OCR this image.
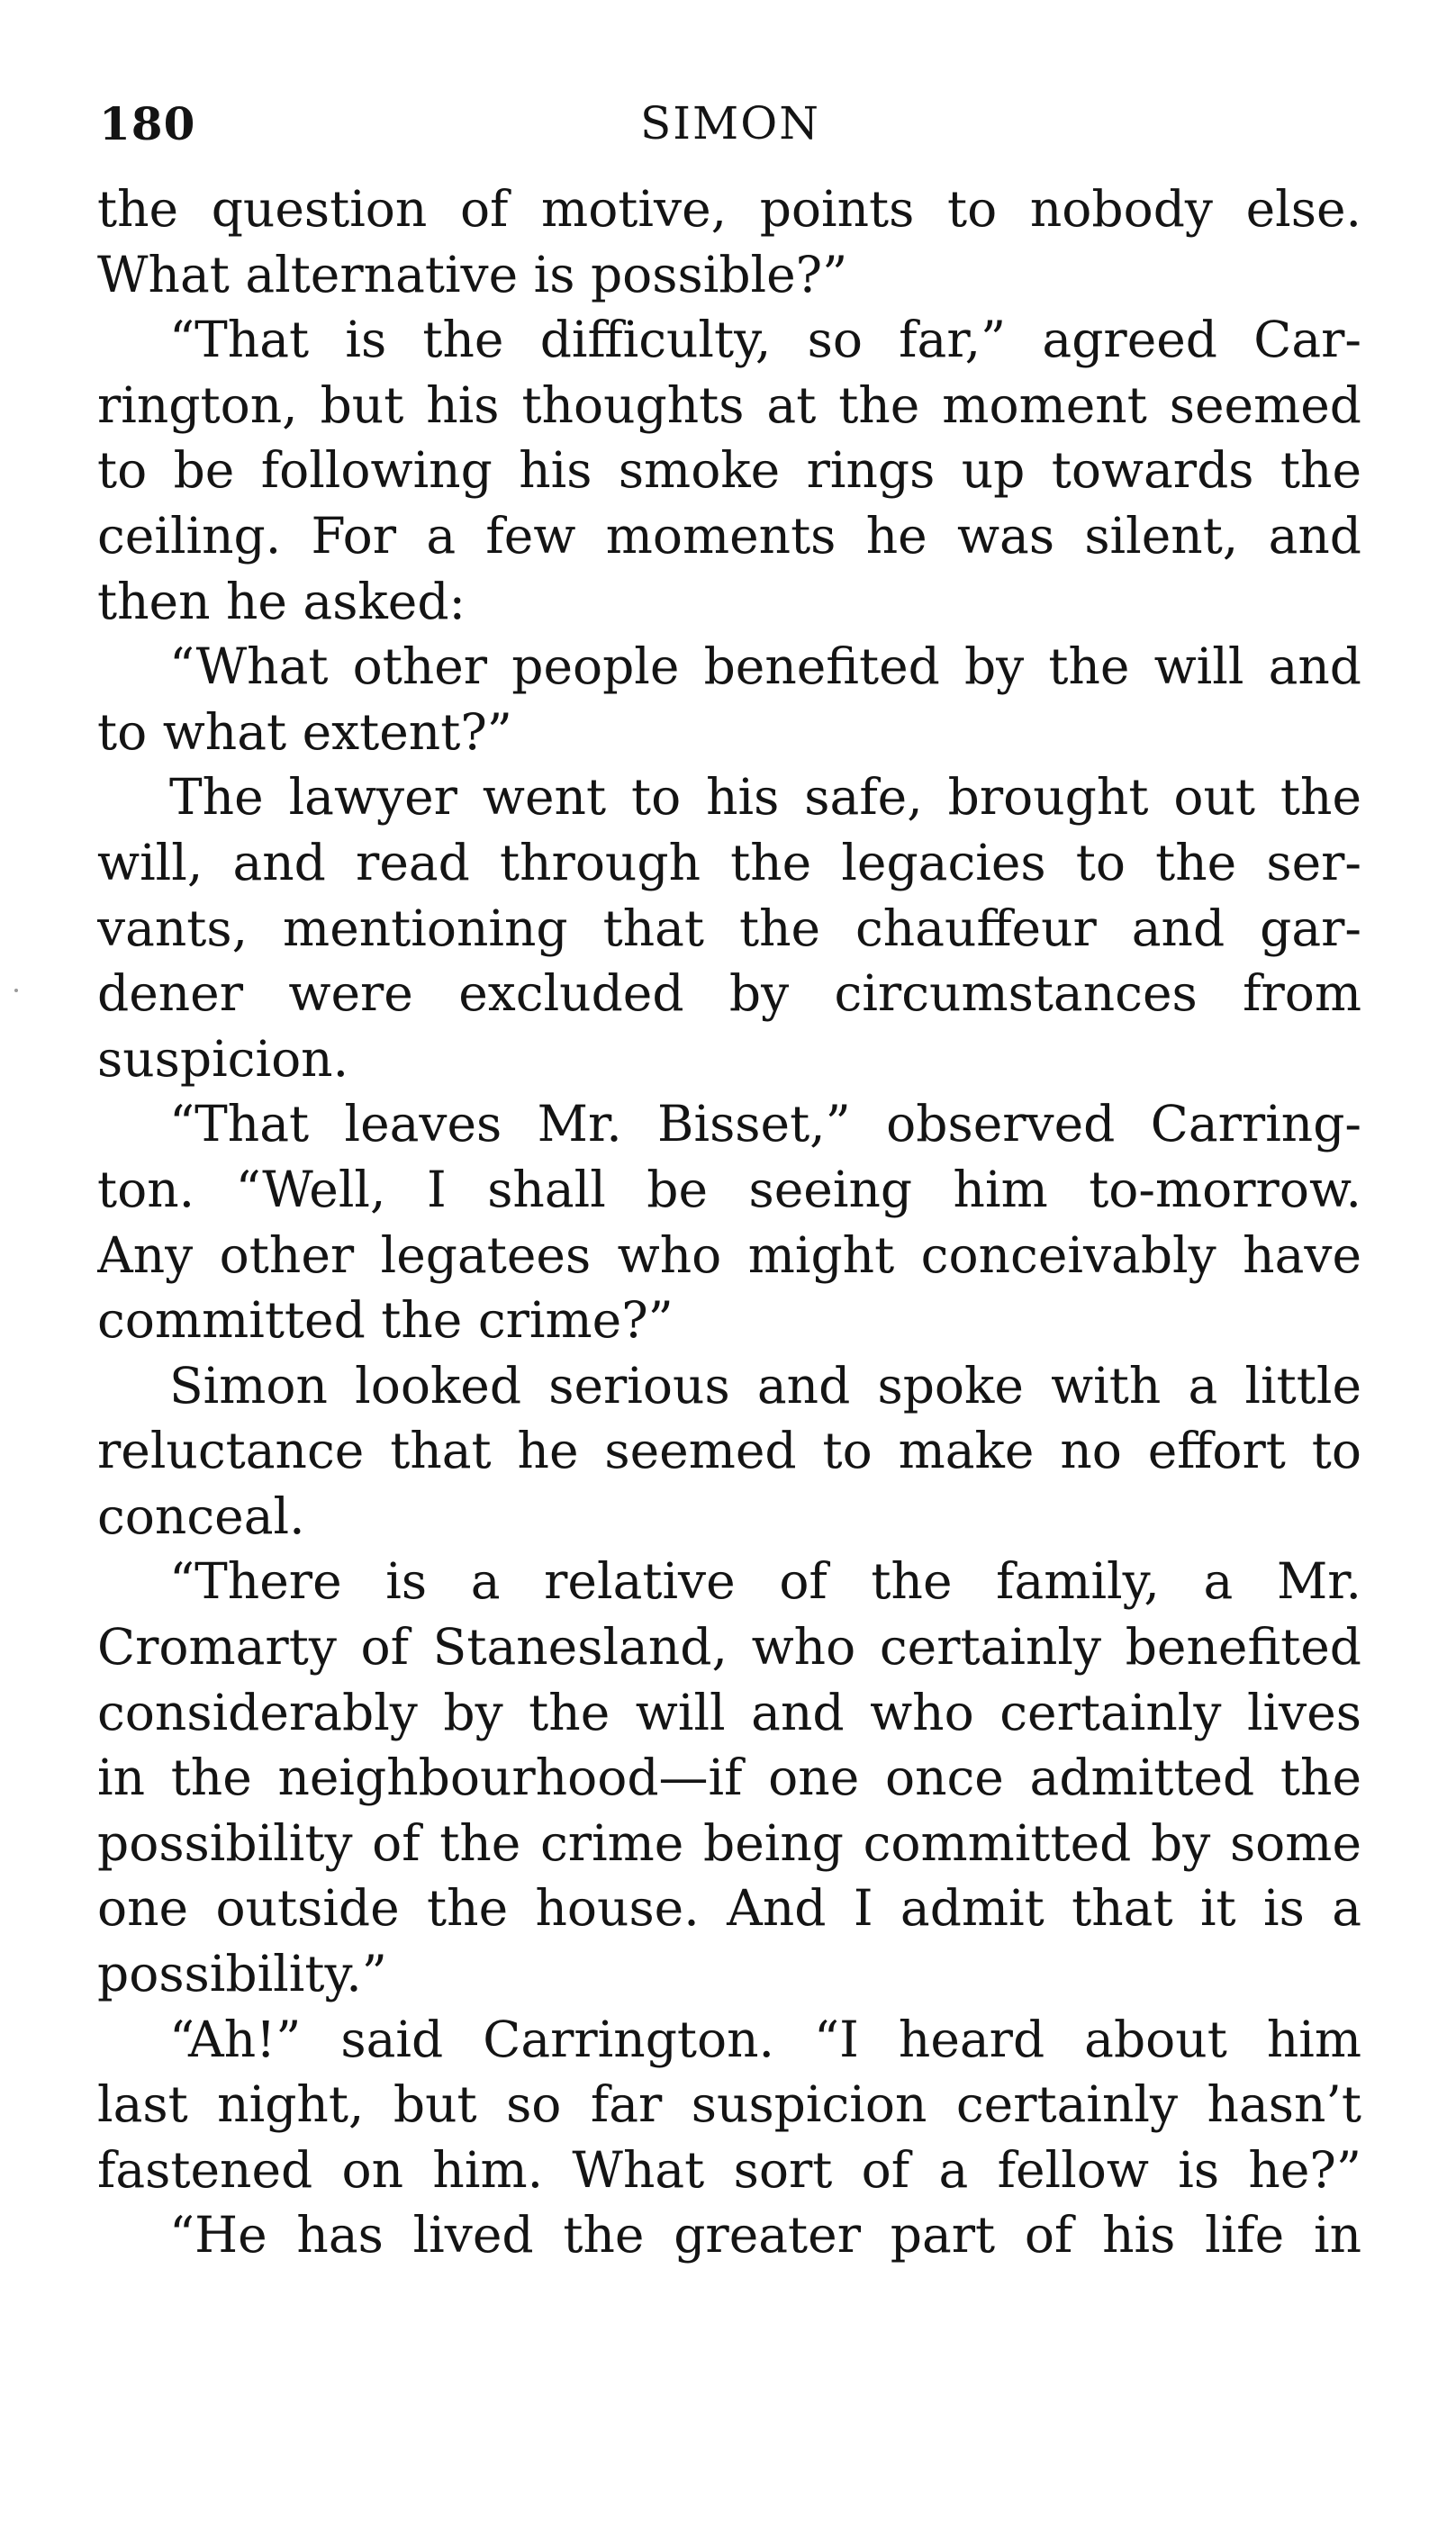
180	SIMON
the question of motive, points to nobody else.
What alternative is possible?”
“That is the difficulty, so far,” agreed Car-
rington, but his thoughts at the moment seemed
to be following his smoke rings up towards the
ceiling. For a few moments he was silent, and
then he asked:
“What other people benefited by the will and
to what extent?”
The lawyer went to his safe, brought out the
will, and read through the legacies to the ser-
vants, mentioning that the chauffeur and gar-
dener were excluded by circumstances from
suspicion.
“That leaves Mr. Bisset,” observed Carring-
ton. “Well, I shall be seeing him to-morrow.
Any other legatees who might conceivably have
committed the crime?”
Simon looked serious and spoke with a little
reluctance that he seemed to make no effort to
conceal.
“There is a relative of the family, a Mr.
Cromarty of Stanesland, who certainly benefited
considerably by the will and who certainly lives
in the neighbourhood—if one once admitted the
possibility of the crime being committed by some
one outside the house. And I admit that it is a
possibility.”
“Ah!” said Carrington. “I heard about him
last night, but so far suspicion certainly hasn’t
fastened on him. What sort of a fellow is he?”
“He has lived the greater part of his life in
